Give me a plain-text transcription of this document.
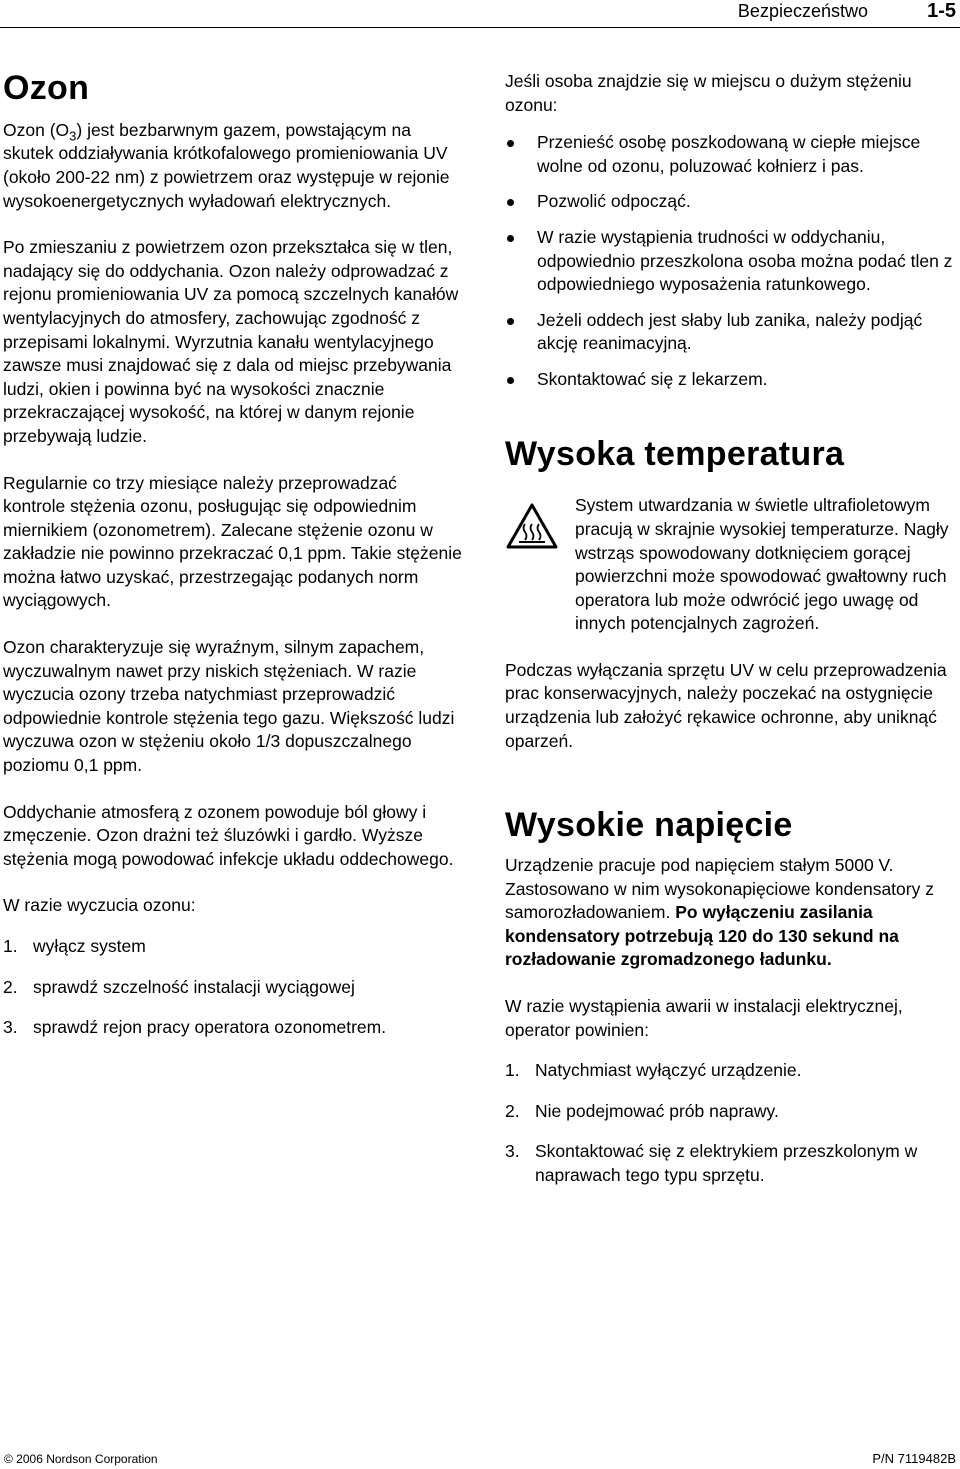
Bezpieczeństwo	1-5
Ozon

Ozon $(O_3)$ jest bezbarwnym gazem, powstającym na skutek oddziaływania krótkofalowego promieniowania UV (około 200-22 nm) z powietrzem oraz występuje w rejonie wysokoenergetycznych wyładowań elektrycznych.

Po zmieszaniu z powietrzem ozon przekształca się w tlen, nadający się do oddychania. Ozon należy odprowadzać z rejonu promieniowania UV za pomocą szczelnych kanałów wentylacyjnych do atmosfery, zachowując zgodność z przepisami lokalnymi. Wyrzutnia kanału wentylacyjnego zawsze musi znajdować się z dala od miejsc przebywania ludzi, okien i powinna być na wysokości znacznie przekraczającej wysokość, na której w danym rejonie przebywają ludzie.

Regularnie co trzy miesiące należy przeprowadzać kontrole stężenia ozonu, posługując się odpowiednim miernikiem (ozonometrem). Zalecane stężenie ozonu w zakładzie nie powinno przekraczać 0,1 ppm. Takie stężenie można łatwo uzyskać, przestrzegając podanych norm wyciągowych.

Ozon charakteryzuje się wyraźnym, silnym zapachem, wyczuwalnym nawet przy niskich stężeniach. W razie wyczucia ozony trzeba natychmiast przeprowadzić odpowiednie kontrole stężenia tego gazu. Większość ludzi wyczuwa ozon w stężeniu około 1/3 dopuszczalnego poziomu 0,1 ppm.

Oddychanie atmosferą z ozonem powoduje ból głowy i zmęczenie. Ozon drażni też śluzówki i gardło. Wyższe stężenia mogą powodować infekcje układu oddechowego.

W razie wyczucia ozonu:

1. wyłącz system
2. sprawdź szczelność instalacji wyciągowej
3. sprawdź rejon pracy operatora ozonometrem.

Jeśli osoba znajdzie się w miejscu o dużym stężeniu ozonu:

Przenieść osobę poszkodowaną w ciepłe miejsce wolne od ozonu, poluzować kołnierz i pas.
Pozwolić odpocząć.
W razie wystąpienia trudności w oddychaniu, odpowiednio przeszkolona osoba można podać tlen z odpowiedniego wyposażenia ratunkowego.
Jeżeli oddech jest słaby lub zanika, należy podjąć akcję reanimacyjną.
Skontaktować się z lekarzem.
Wysoka temperatura

System utwardzania w świetle ultrafioletowym pracują w skrajnie wysokiej temperaturze. Nagły wstrząs spowodowany dotknięciem gorącej powierzchni może spowodować gwałtowny ruch operatora lub może odwrócić jego uwagę od innych potencjalnych zagrożeń.

Podczas wyłączania sprzętu UV w celu przeprowadzenia prac konserwacyjnych, należy poczekać na ostygnięcie urządzenia lub założyć rękawice ochronne, aby uniknąć oparzeń.

Wysokie napięcie

Urządzenie pracuje pod napięciem stałym 5000 V. Zastosowano w nim wysokonapięciowe kondensatory z samorozładowaniem. Po wyłączeniu zasilania kondensatory potrzebują 120 do 130 sekund na rozładowanie zgromadzonego ładunku.

W razie wystąpienia awarii w instalacji elektrycznej, operator powinien:

1. Natychmiast wyłączyć urządzenie.
2. Nie podejmować prób naprawy.
3. Skontaktować się z elektrykiem przeszkolonym w naprawach tego typu sprzętu.
© 2006 Nordson Corporation	P/N 7119482B
